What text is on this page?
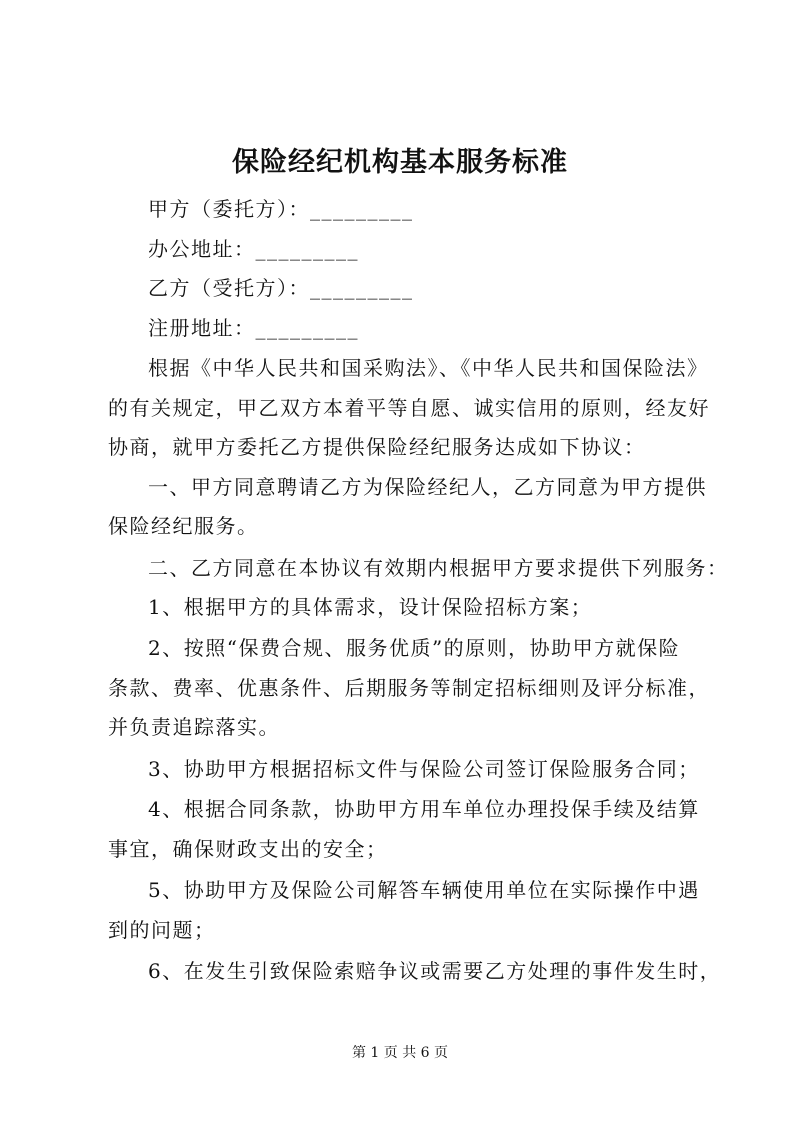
保险经纪机构基本服务标准
甲方（委托方）：_________
办公地址：_________
乙方（受托方）：_________
注册地址：_________
根据《中华人民共和国采购法》、《中华人民共和国保险法》
的有关规定，甲乙双方本着平等自愿、诚实信用的原则，经友好
协商，就甲方委托乙方提供保险经纪服务达成如下协议：
一、甲方同意聘请乙方为保险经纪人，乙方同意为甲方提供
保险经纪服务。
二、乙方同意在本协议有效期内根据甲方要求提供下列服务：
1、根据甲方的具体需求，设计保险招标方案；
2、按照“保费合规、服务优质”的原则，协助甲方就保险
条款、费率、优惠条件、后期服务等制定招标细则及评分标准，
并负责追踪落实。
3、协助甲方根据招标文件与保险公司签订保险服务合同；
4、根据合同条款，协助甲方用车单位办理投保手续及结算
事宜，确保财政支出的安全；
5、协助甲方及保险公司解答车辆使用单位在实际操作中遇
到的问题；
6、在发生引致保险索赔争议或需要乙方处理的事件发生时，
第 1 页 共 6 页
